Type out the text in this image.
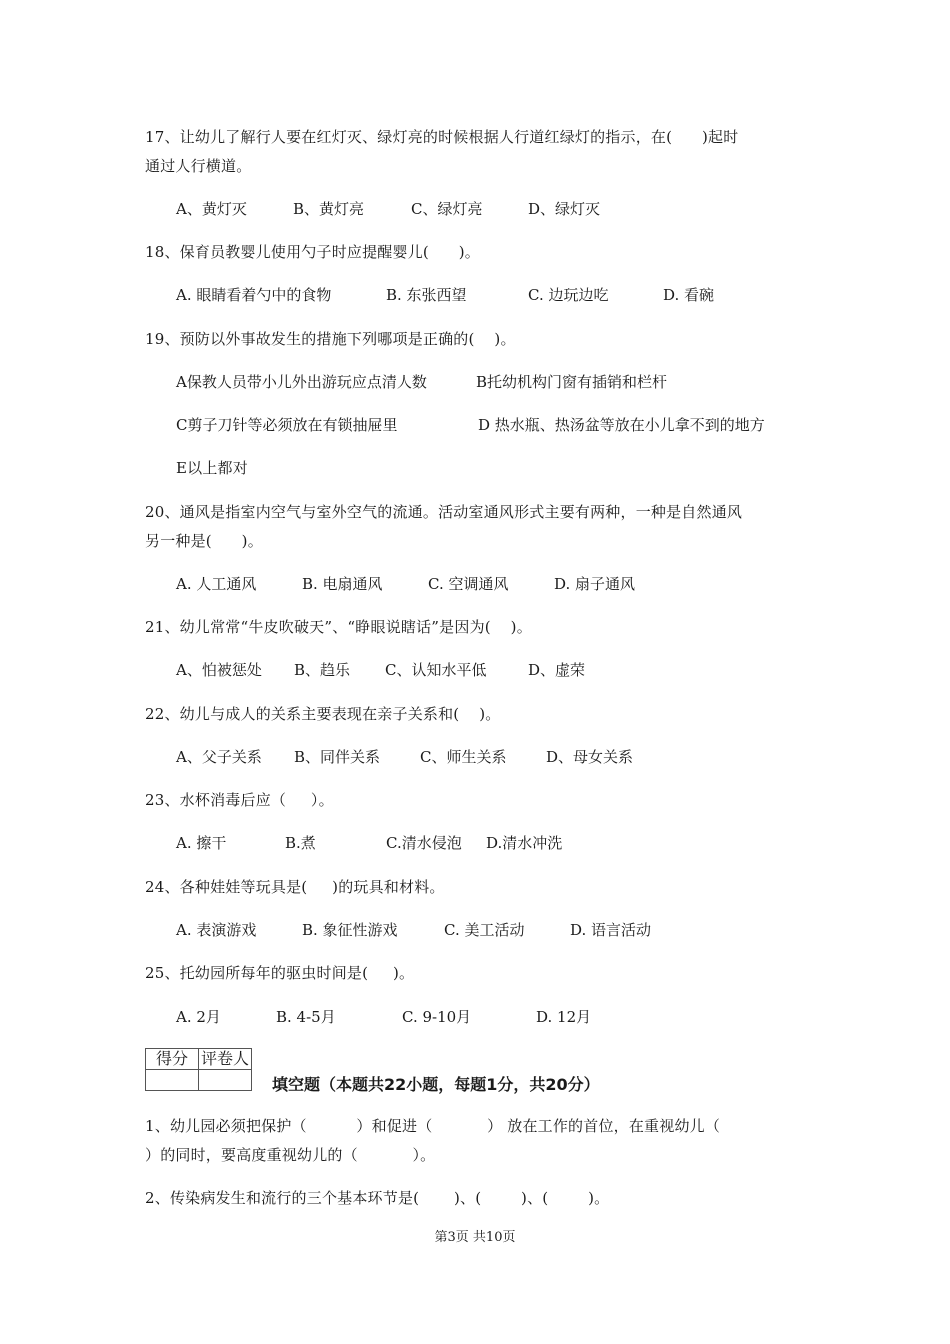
17、让幼儿了解行人要在红灯灭、绿灯亮的时候根据人行道红绿灯的指示，在(      )起时
通过人行横道。
A、黄灯灭	B、黄灯亮	C、绿灯亮	D、绿灯灭
18、保育员教婴儿使用勺子时应提醒婴儿(      )。
A. 眼睛看着勺中的食物	B. 东张西望	C. 边玩边吃	D. 看碗
19、预防以外事故发生的措施下列哪项是正确的(    )。
A保教人员带小儿外出游玩应点清人数	B托幼机构门窗有插销和栏杆
C剪子刀针等必须放在有锁抽屉里	D 热水瓶、热汤盆等放在小儿拿不到的地方
E以上都对
20、通风是指室内空气与室外空气的流通。活动室通风形式主要有两种，一种是自然通风
另一种是(      )。
A. 人工通风	B. 电扇通风	C. 空调通风	D. 扇子通风
21、幼儿常常“牛皮吹破天”、“睁眼说瞎话”是因为(    )。
A、怕被惩处 B、趋乐 C、认知水平低	D、虚荣
22、幼儿与成人的关系主要表现在亲子关系和(    )。
A、父子关系 B、同伴关系	C、师生关系	D、母女关系
23、水杯消毒后应（     ）。
A. 擦干	B.煮	C.清水侵泡 D.清水冲洗
24、各种娃娃等玩具是(     )的玩具和材料。
A. 表演游戏	B. 象征性游戏	C. 美工活动	D. 语言活动
25、托幼园所每年的驱虫时间是(     )。
A. 2月	B. 4-5月	C. 9-10月	D. 12月
得分	评卷人

填空题（本题共22小题，每题1分，共20分）
1、幼儿园必须把保护（          ）和促进（           ） 放在工作的首位，在重视幼儿（
）的同时，要高度重视幼儿的（           ）。
2、传染病发生和流行的三个基本环节是(       )、(        )、(        )。
第3页 共10页
